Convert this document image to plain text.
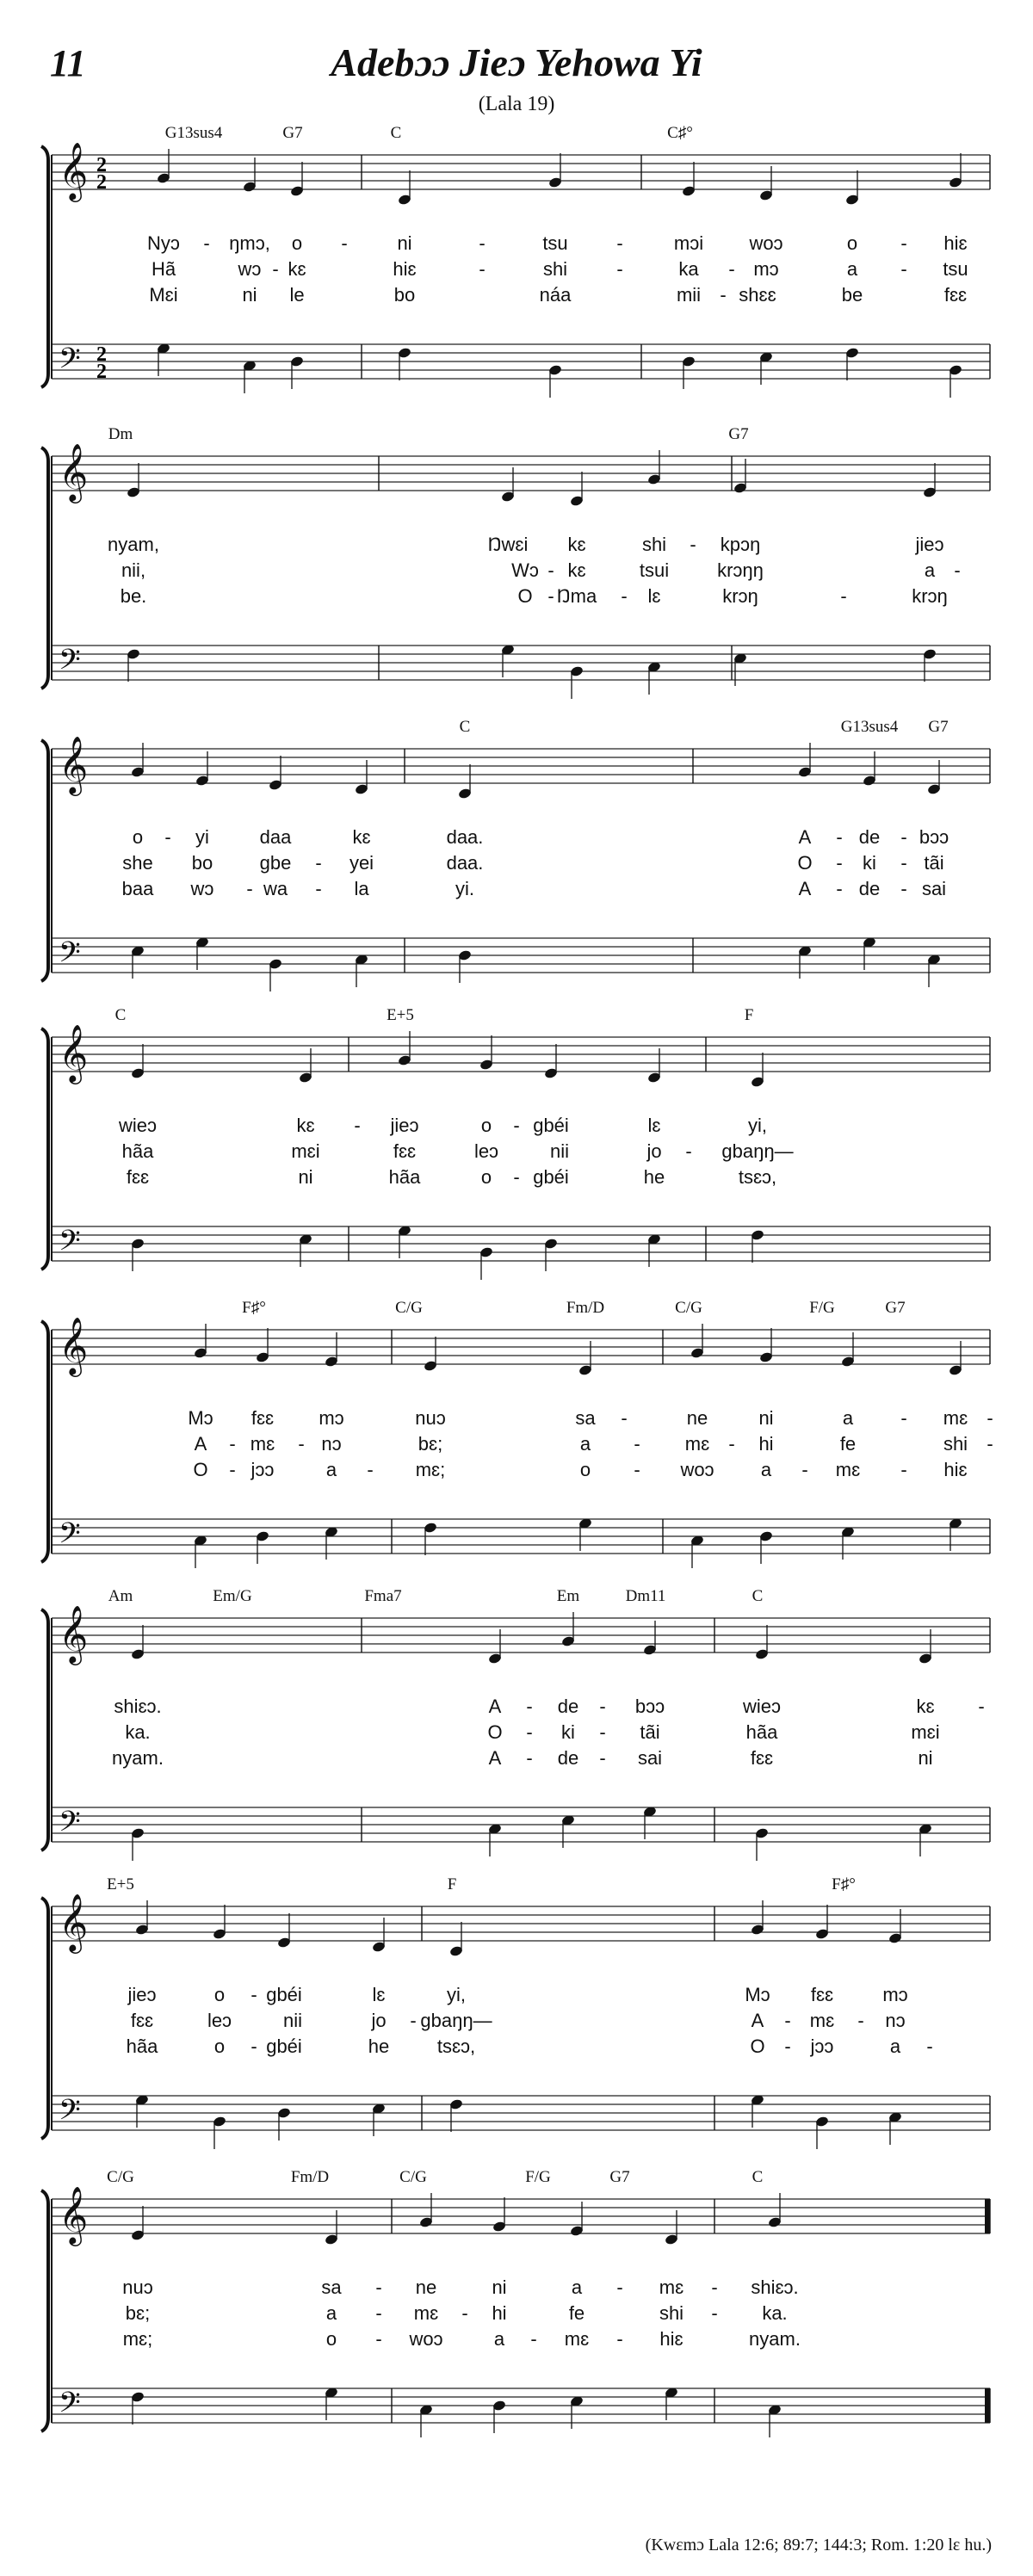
11	Adebɔɔ Jieɔ Yehowa Yi
(Lala 19)
G13sus4	G7	C	C♯°
𝄞
𝄢
2
2
2
2
Nyɔ - ŋmɔ, o -	ni	-	tsu	-	mɔi woɔ	o - hiɛ
Hã	wɔ - kɛ	hiɛ	-	shi	-	ka - mɔ	a - tsu
Mɛi	ni le	bo	náa	mii - shɛɛ	be	fɛɛ
Dm	G7
𝄞
𝄢
nyam,	Ŋwɛi kɛ	shi - kpɔŋ	jieɔ
nii,	Wɔ - kɛ	tsui	krɔŋŋ	a -
be.	O - Ŋma - lɛ	krɔŋ	-	krɔŋ
C	G13sus4 G7
𝄞
𝄢
o - yi	daa	kɛ	daa.	A - de - bɔɔ
she bo gbe - yei	daa.	O - ki - tãi
baa wɔ - wa - la	yi.	A - de - sai
C	E+5	F
𝄞
𝄢
wieɔ	kɛ - jieɔ	o - gbéi	lɛ	yi,
hãa	mɛi	fɛɛ	leɔ	nii	jo - gbaŋŋ—
fɛɛ	ni	hãa	o - gbéi	he	tsɛɔ,
F♯°	C/G	Fm/D	C/G	F/G	G7
𝄞
𝄢
Mɔ fɛɛ mɔ	nuɔ	sa -	ne	ni	a	- mɛ -
A - mɛ - nɔ	bɛ;	a - mɛ - hi	fe	shi -
O - jɔɔ	a - mɛ;	o - woɔ a - mɛ - hiɛ
Am	Em/G	Fma7	Em	Dm11	C
𝄞
𝄢
shiɛɔ.	A - de - bɔɔ	wieɔ	kɛ -
ka.	O - ki - tãi	hãa	mɛi
nyam.	A - de - sai	fɛɛ	ni
E+5	F	F♯°
𝄞
𝄢
jieɔ	o - gbéi	lɛ	yi,	Mɔ fɛɛ	mɔ
fɛɛ	leɔ	nii	jo - gbaŋŋ—	A - mɛ - nɔ
hãa	o - gbéi	he	tsɛɔ,	O - jɔɔ	a -
C/G	Fm/D	C/G	F/G	G7	C
𝄞
𝄢
nuɔ	sa - ne	ni	a - mɛ - shiɛɔ.
bɛ;	a - mɛ - hi	fe	shi - ka.
mɛ;	o - woɔ	a - mɛ - hiɛ	nyam.
(Kwɛmɔ Lala 12:6; 89:7; 144:3; Rom. 1:20 lɛ hu.)
